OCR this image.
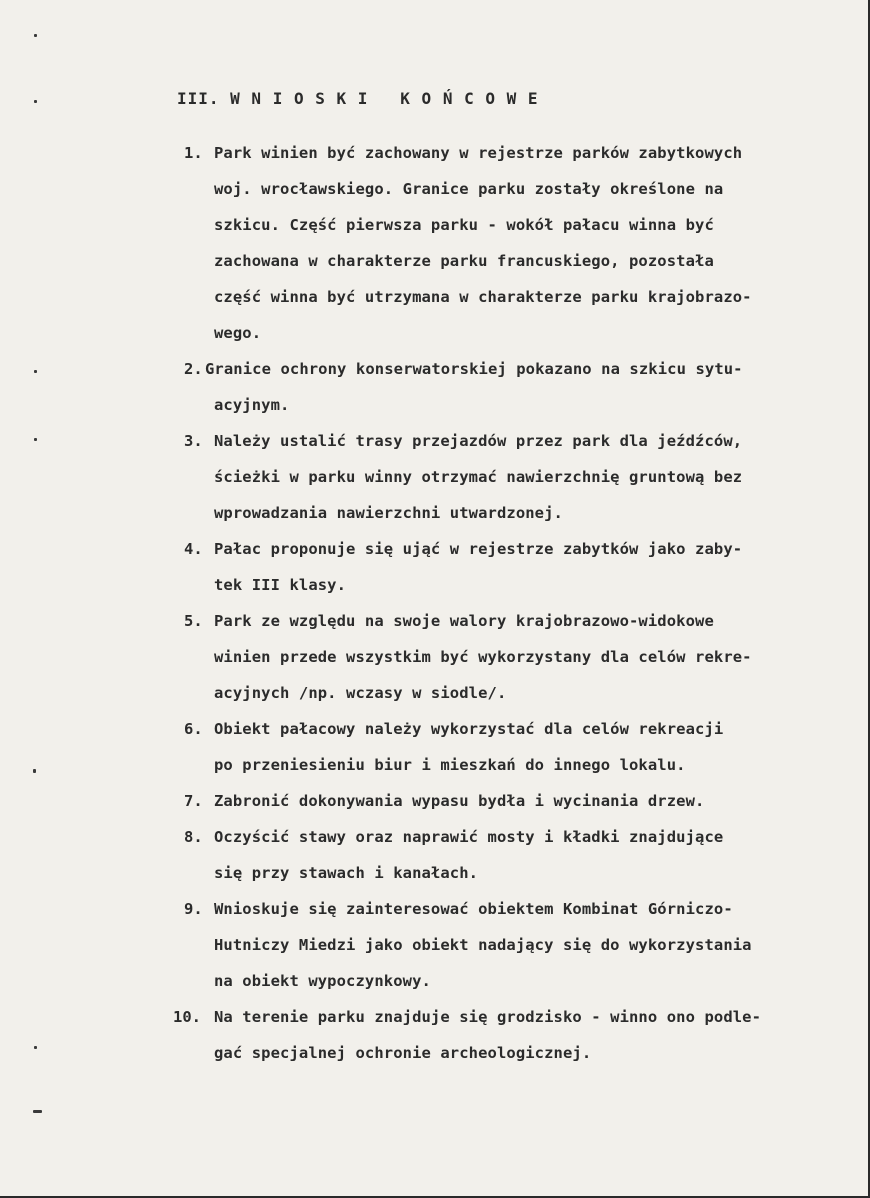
III. W N I O S K I   K O Ń C O W E
1. Park winien być zachowany w rejestrze parków zabytkowych
woj. wrocławskiego. Granice parku zostały określone na
szkicu. Część pierwsza parku - wokół pałacu winna być
zachowana w charakterze parku francuskiego, pozostała
część winna być utrzymana w charakterze parku krajobrazo-
wego.
2. Granice ochrony konserwatorskiej pokazano na szkicu sytu-
acyjnym.
3. Należy ustalić trasy przejazdów przez park dla jeźdźców,
ścieżki w parku winny otrzymać nawierzchnię gruntową bez
wprowadzania nawierzchni utwardzonej.
4. Pałac proponuje się ująć w rejestrze zabytków jako zaby-
tek III klasy.
5. Park ze względu na swoje walory krajobrazowo-widokowe
winien przede wszystkim być wykorzystany dla celów rekre-
acyjnych /np. wczasy w siodle/.
6. Obiekt pałacowy należy wykorzystać dla celów rekreacji
po przeniesieniu biur i mieszkań do innego lokalu.
7. Zabronić dokonywania wypasu bydła i wycinania drzew.
8. Oczyścić stawy oraz naprawić mosty i kładki znajdujące
się przy stawach i kanałach.
9. Wnioskuje się zainteresować obiektem Kombinat Górniczo-
Hutniczy Miedzi jako obiekt nadający się do wykorzystania
na obiekt wypoczynkowy.
10. Na terenie parku znajduje się grodzisko - winno ono podle-
gać specjalnej ochronie archeologicznej.
